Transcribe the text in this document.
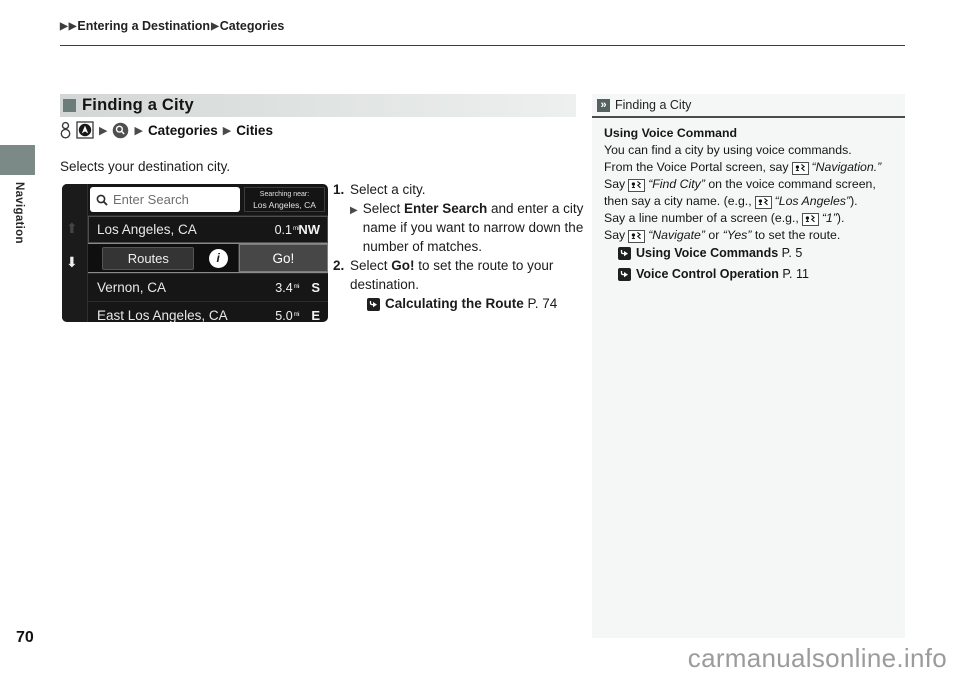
▶ ▶ Entering a Destination ▶ Categories
Navigation
Finding a City
▶ ▶ Categories ▶ Cities

Selects your destination city.

⬆
⬇
Enter Search	Searching near:
Los Angeles, CA
Los Angeles, CA	0.1 mi NW
Routes	i	Go!
Vernon, CA	3.4 mi S
East Los Angeles, CA	5.0 mi E
1. Select a city.

▶ Select Enter Search and enter a city name if you want to narrow down the number of matches.

2. Select Go! to set the route to your destination.

Calculating the Route P. 74

» Finding a City
Using Voice Command
You can find a city by using voice commands.
From the Voice Portal screen, say “Navigation.”
Say “Find City” on the voice command screen,
then say a city name. (e.g., “Los Angeles”).
Say a line number of a screen (e.g., “1”).
Say “Navigate” or “Yes” to set the route.

Using Voice Commands P. 5

Voice Control Operation P. 11

70
carmanualsonline.info
